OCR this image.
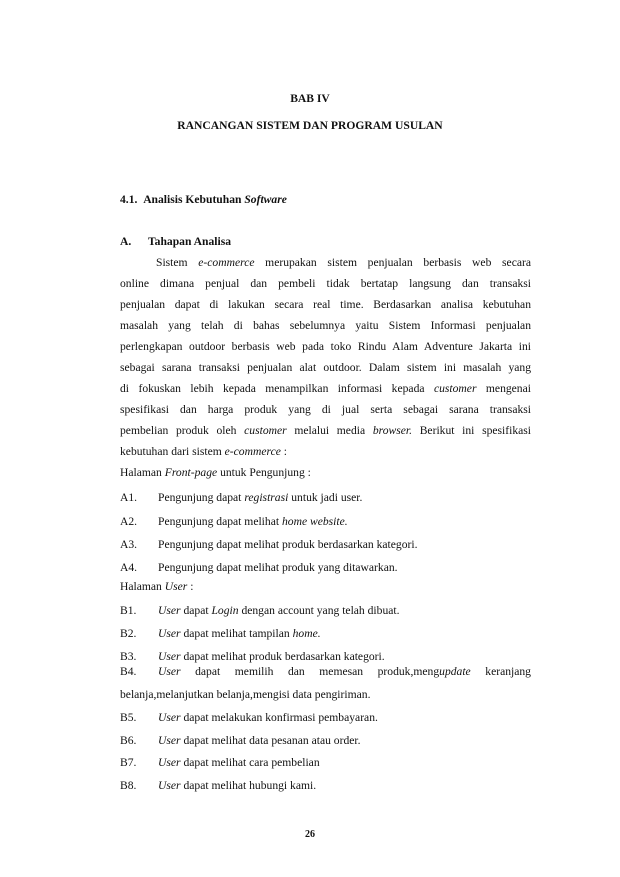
BAB IV
RANCANGAN SISTEM DAN PROGRAM USULAN
4.1. Analisis Kebutuhan Software
A. Tahapan Analisa
Sistem e-commerce merupakan sistem penjualan berbasis web secara
online dimana penjual dan pembeli tidak bertatap langsung dan transaksi
penjualan dapat di lakukan secara real time. Berdasarkan analisa kebutuhan
masalah yang telah di bahas sebelumnya yaitu Sistem Informasi penjualan
perlengkapan outdoor berbasis web pada toko Rindu Alam Adventure Jakarta ini
sebagai sarana transaksi penjualan alat outdoor. Dalam sistem ini masalah yang
di fokuskan lebih kepada menampilkan informasi kepada customer mengenai
spesifikasi dan harga produk yang di jual serta sebagai sarana transaksi
pembelian produk oleh customer melalui media browser. Berikut ini spesifikasi
kebutuhan dari sistem e-commerce :
Halaman Front-page untuk Pengunjung :
A1. Pengunjung dapat registrasi untuk jadi user.
A2. Pengunjung dapat melihat home website.
A3. Pengunjung dapat melihat produk berdasarkan kategori.
A4. Pengunjung dapat melihat produk yang ditawarkan.
Halaman User :
B1. User dapat Login dengan account yang telah dibuat.
B2. User dapat melihat tampilan home.
B3. User dapat melihat produk berdasarkan kategori.
B4. User dapat memilih dan memesan produk,mengupdate keranjang
belanja,melanjutkan belanja,mengisi data pengiriman.
B5. User dapat melakukan konfirmasi pembayaran.
B6. User dapat melihat data pesanan atau order.
B7. User dapat melihat cara pembelian
B8. User dapat melihat hubungi kami.
26
